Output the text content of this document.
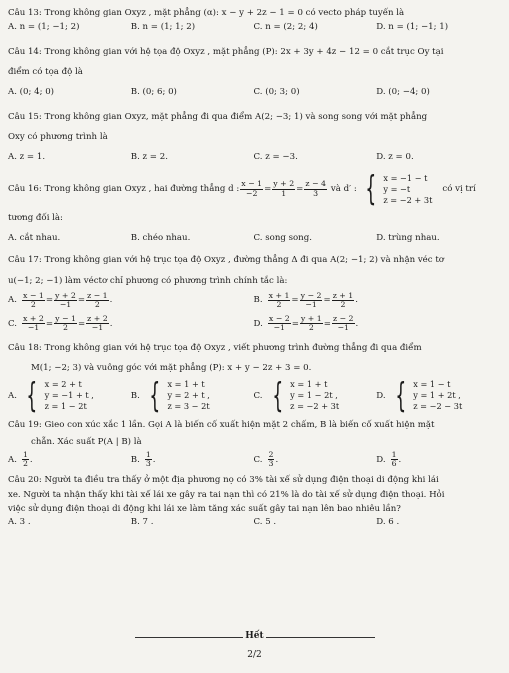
Câu 13: Trong không gian Oxyz , mặt phẳng (α): x − y + 2z − 1 = 0 có vecto pháp tuyến là

A. n = (1; −1; 2)	B. n = (1; 1; 2)	C. n = (2; 2; 4)	D. n = (1; −1; 1)

Câu 14: Trong không gian với hệ tọa độ Oxyz , mặt phẳng (P): 2x + 3y + 4z − 12 = 0 cắt trục Oy tại

điểm có tọa độ là

A. (0; 4; 0)	B. (0; 6; 0)	C. (0; 3; 0)	D. (0; −4; 0)

Câu 15: Trong không gian Oxyz, mặt phẳng đi qua điểm A(2; −3; 1) và song song với mặt phẳng

Oxy có phương trình là

A. z = 1.	B. z = 2.	C. z = −3.	D. z = 0.
Câu 16: Trong không gian Oxyz , hai đường thẳng d : $\frac{x - 1}{-2} = \frac{y + 2}{1} = \frac{z - 4}{3}$ và d′ : { x = −1 − t
y = −t
z = −2 + 3t
có vị trí

tương đối là:

A. cắt nhau.	B. chéo nhau.	C. song song.	D. trùng nhau.

Câu 17: Trong không gian với hệ trục tọa độ Oxyz , đường thẳng Δ đi qua A(2; −1; 2) và nhận véc tơ

u(−1; 2; −1) làm véctơ chỉ phương có phương trình chính tắc là:

A. $\frac{x - 1}{2} = \frac{y + 2}{-1} = \frac{z - 1}{2}$ .	B. $\frac{x + 1}{2} = \frac{y - 2}{-1} = \frac{z + 1}{2}$ .
C. $\frac{x + 2}{-1} = \frac{y - 1}{2} = \frac{z + 2}{-1}$ .	D. $\frac{x - 2}{-1} = \frac{y + 1}{2} = \frac{z - 2}{-1}$ .

Câu 18: Trong không gian với hệ trục tọa độ Oxyz , viết phương trình đường thẳng đi qua điểm

M(1; −2; 3) và vuông góc với mặt phẳng (P): x + y − 2z + 3 = 0.

A. { x = 2 + t
y = −1 + t ,
z = 1 − 2t
B. { x = 1 + t
y = 2 + t ,
z = 3 − 2t
C. { x = 1 + t
y = 1 − 2t ,
z = −2 + 3t
D. { x = 1 − t
y = 1 + 2t ,
z = −2 − 3t

Câu 19: Gieo con xúc xắc 1 lần. Gọi A là biến cố xuất hiện mặt 2 chấm, B là biến cố xuất hiện mặt

chẵn. Xác suất P(A | B) là

A. $\frac{1}{2}$ .	B. $\frac{1}{3}$ .	C. $\frac{2}{3}$ .	D. $\frac{1}{6}$ .

Câu 20: Người ta điều tra thấy ở một địa phương nọ có 3% tài xế sử dụng điện thoại di động khi lái

xe. Người ta nhận thấy khi tài xế lái xe gây ra tai nạn thì có 21% là do tài xế sử dụng điện thoại. Hỏi

việc sử dụng điện thoại di động khi lái xe làm tăng xác suất gây tai nạn lên bao nhiêu lần?

A. 3 .	B. 7 .	C. 5 .	D. 6 .
Hết
2/2
